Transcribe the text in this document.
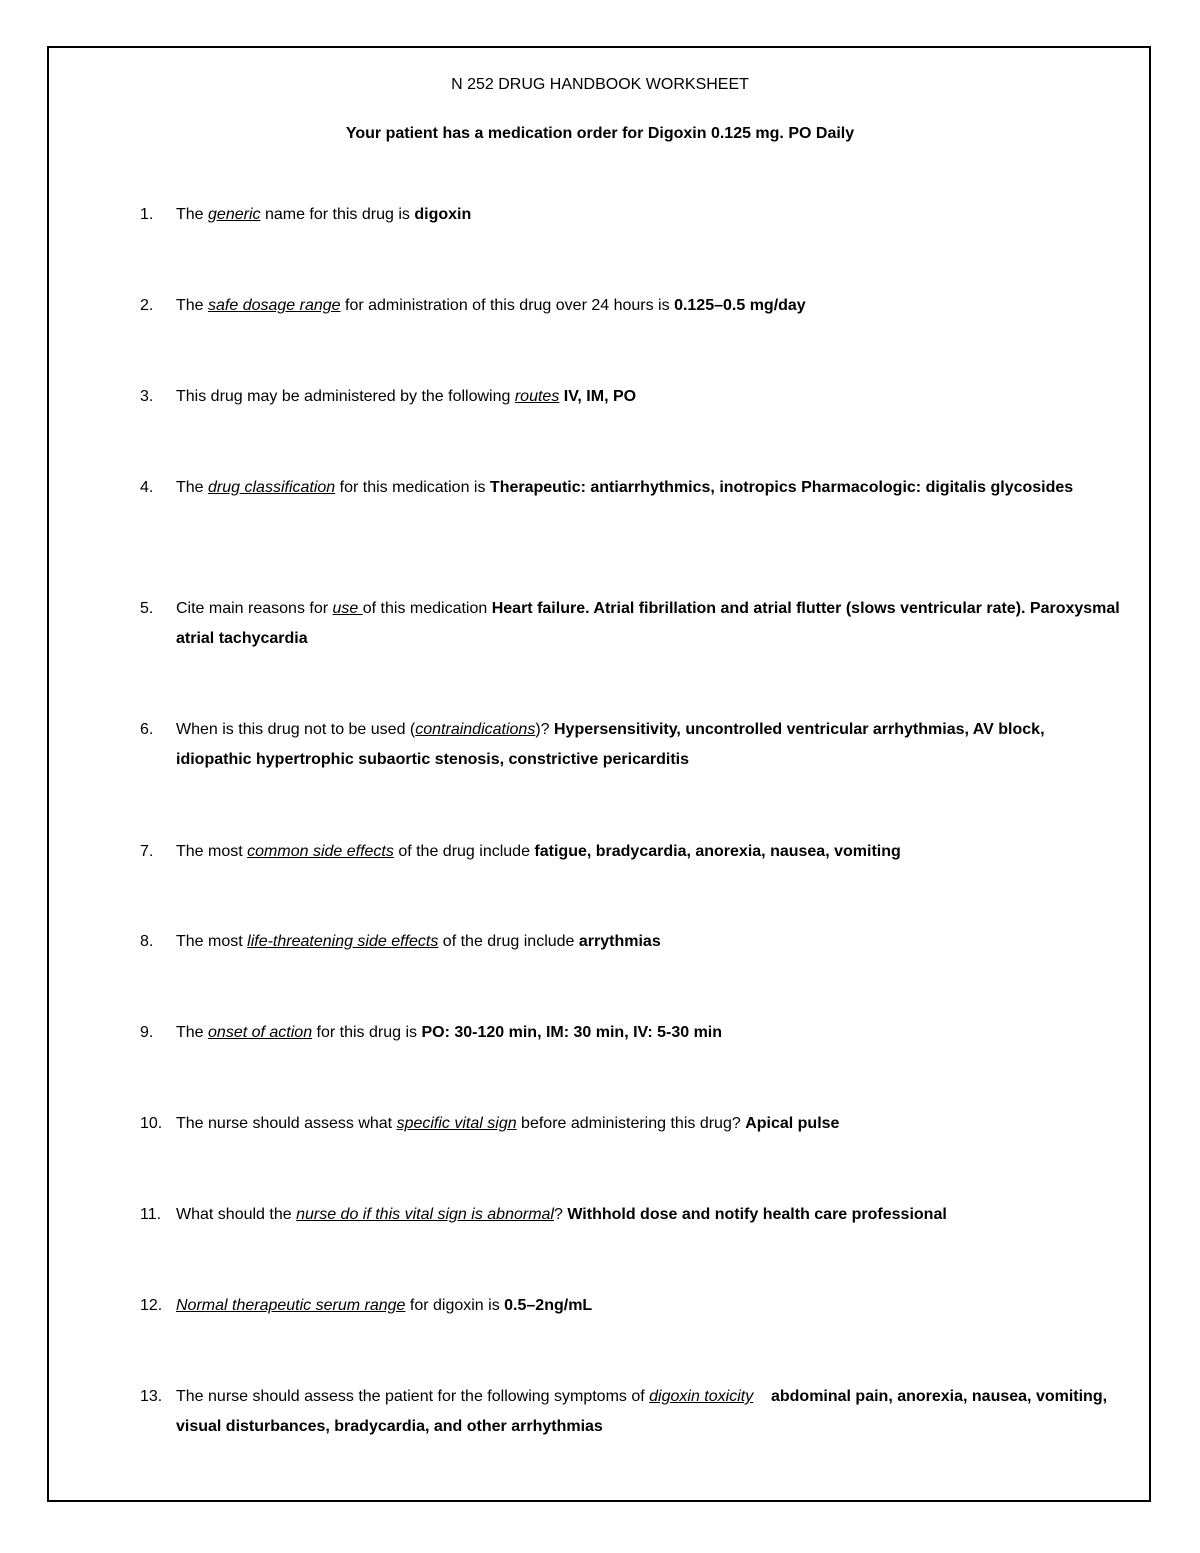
N 252 DRUG HANDBOOK WORKSHEET
Your patient has a medication order for Digoxin 0.125 mg. PO Daily
1.	The generic name for this drug is digoxin
2.	The safe dosage range for administration of this drug over 24 hours is 0.125–0.5 mg/day
3.	This drug may be administered by the following routes IV, IM, PO
4.	The drug classification for this medication is Therapeutic: antiarrhythmics, inotropics Pharmacologic: digitalis glycosides
5.	Cite main reasons for use of this medication Heart failure. Atrial fibrillation and atrial flutter (slows ventricular rate). Paroxysmal atrial tachycardia
6.	When is this drug not to be used (contraindications)? Hypersensitivity, uncontrolled ventricular arrhythmias, AV block, idiopathic hypertrophic subaortic stenosis, constrictive pericarditis
7.	The most common side effects of the drug include fatigue, bradycardia, anorexia, nausea, vomiting
8.	The most life-threatening side effects of the drug include arrythmias
9.	The onset of action for this drug is PO: 30-120 min, IM: 30 min, IV: 5-30 min
10. The nurse should assess what specific vital sign before administering this drug? Apical pulse
11. What should the nurse do if this vital sign is abnormal? Withhold dose and notify health care professional
12. Normal therapeutic serum range for digoxin is 0.5–2ng/mL
13. The nurse should assess the patient for the following symptoms of digoxin toxicity abdominal pain, anorexia, nausea, vomiting, visual disturbances, bradycardia, and other arrhythmias
